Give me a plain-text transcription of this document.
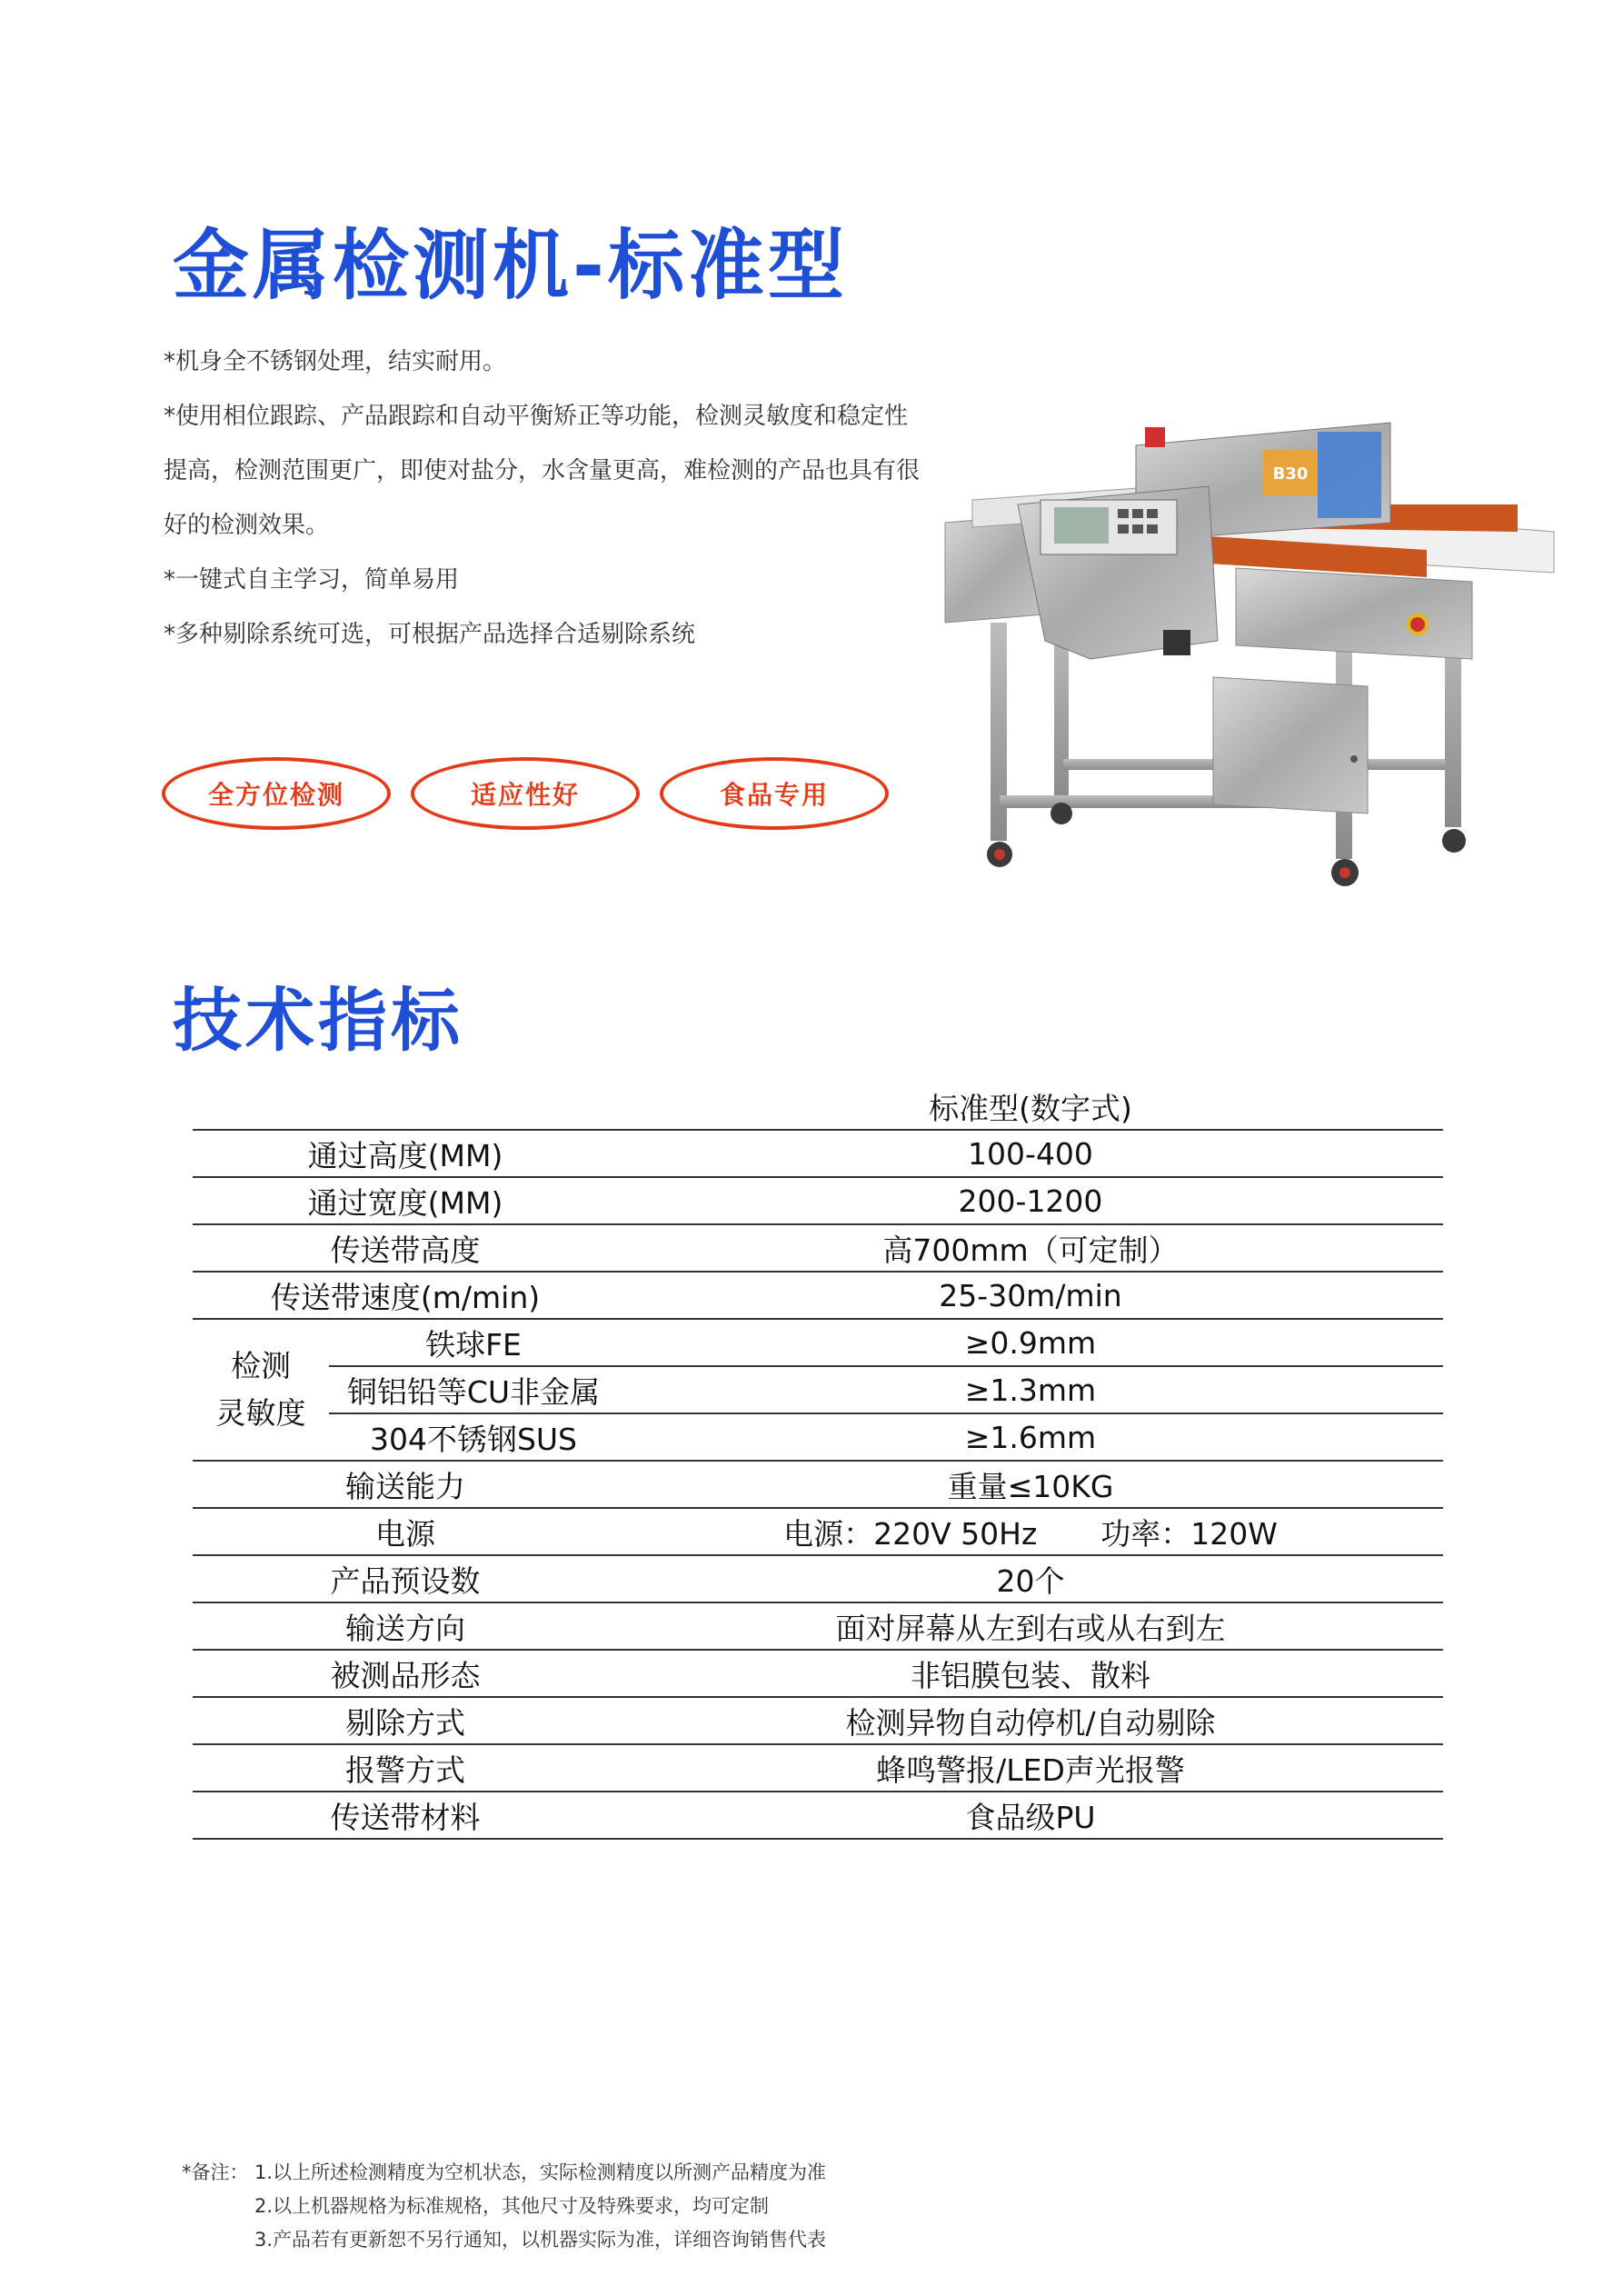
金属检测机-标准型
*机身全不锈钢处理，结实耐用。
*使用相位跟踪、产品跟踪和自动平衡矫正等功能，检测灵敏度和稳定性
提高，检测范围更广，即使对盐分，水含量更高，难检测的产品也具有很
好的检测效果。
*一键式自主学习，简单易用
*多种剔除系统可选，可根据产品选择合适剔除系统
全方位检测	适应性好	食品专用
B30
技术指标
		标准型(数字式)
通过高度(MM)		100-400
通过宽度(MM)		200-1200
传送带高度		高700mm（可定制）
传送带速度(m/min)		25-30m/min

检测
灵敏度	铁球FE	≥0.9mm
	铜铝铅等CU非金属	≥1.3mm
	304不锈钢SUS	≥1.6mm
输送能力		重量≤10KG
电源		电源：220V 50Hz 功率：120W
产品预设数		20个
输送方向		面对屏幕从左到右或从右到左
被测品形态		非铝膜包装、散料
剔除方式		检测异物自动停机/自动剔除
报警方式		蜂鸣警报/LED声光报警
传送带材料		食品级PU
*备注： 1.以上所述检测精度为空机状态，实际检测精度以所测产品精度为准
2.以上机器规格为标准规格，其他尺寸及特殊要求，均可定制
3.产品若有更新恕不另行通知，以机器实际为准，详细咨询销售代表
